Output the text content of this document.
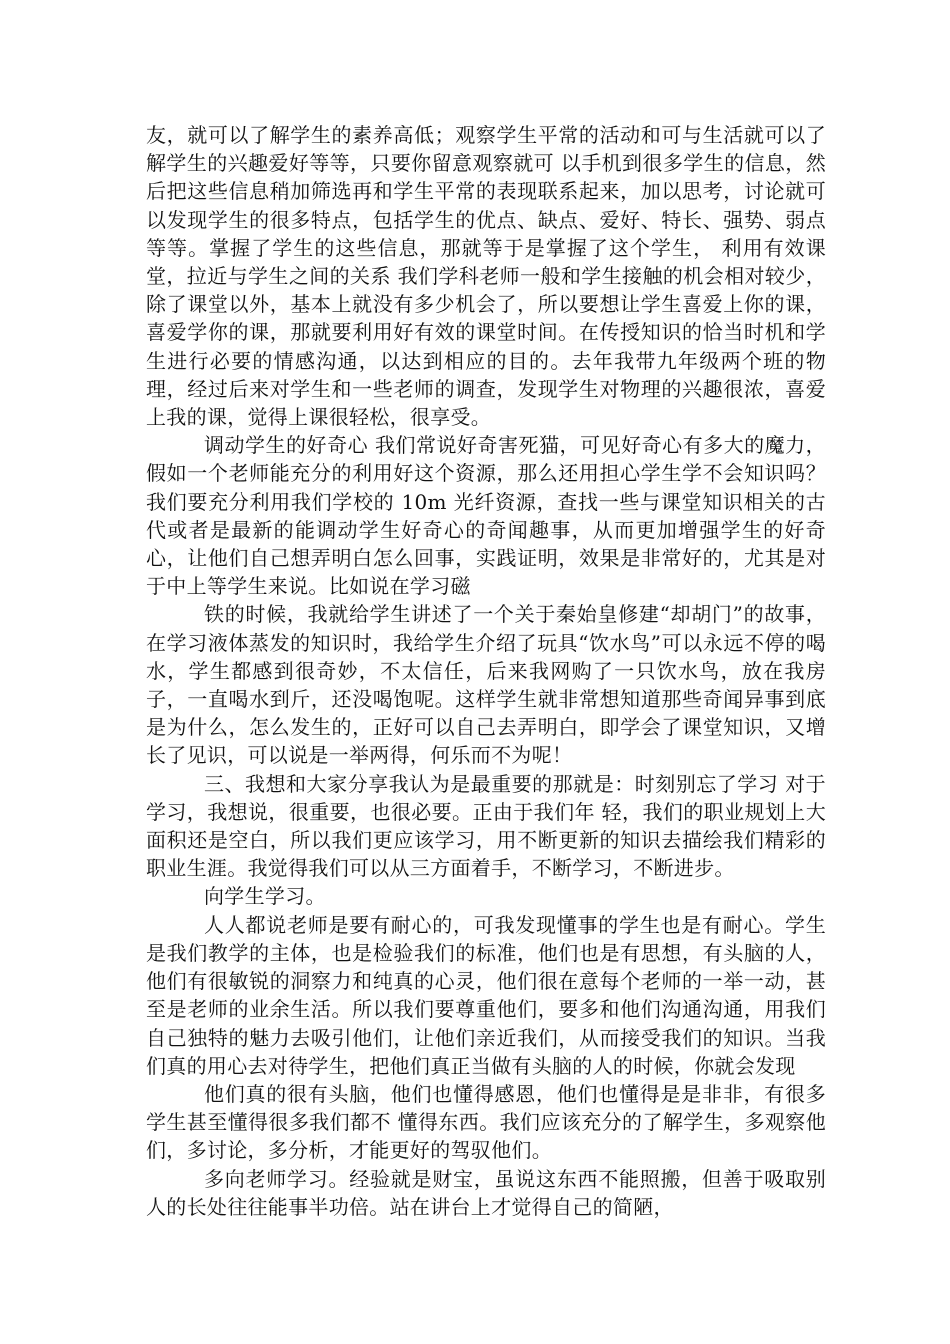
友，就可以了解学生的素养高低；观察学生平常的活动和可与生活就可以了解学生的兴趣爱好等等，只要你留意观察就可 以手机到很多学生的信息，然后把这些信息稍加筛选再和学生平常的表现联系起来，加以思考，讨论就可以发现学生的很多特点，包括学生的优点、缺点、爱好、特长、强势、弱点等等。掌握了学生的这些信息，那就等于是掌握了这个学生， 利用有效课堂，拉近与学生之间的关系 我们学科老师一般和学生接触的机会相对较少，除了课堂以外，基本上就没有多少机会了，所以要想让学生喜爱上你的课，喜爱学你的课，那就要利用好有效的课堂时间。在传授知识的恰当时机和学生进行必要的情感沟通，以达到相应的目的。去年我带九年级两个班的物理，经过后来对学生和一些老师的调查，发现学生对物理的兴趣很浓，喜爱上我的课，觉得上课很轻松，很享受。

调动学生的好奇心 我们常说好奇害死猫，可见好奇心有多大的魔力，假如一个老师能充分的利用好这个资源，那么还用担心学生学不会知识吗？我们要充分利用我们学校的 10m 光纤资源，查找一些与课堂知识相关的古代或者是最新的能调动学生好奇心的奇闻趣事，从而更加增强学生的好奇心，让他们自己想弄明白怎么回事，实践证明，效果是非常好的，尤其是对于中上等学生来说。比如说在学习磁

铁的时候，我就给学生讲述了一个关于秦始皇修建“却胡门”的故事，在学习液体蒸发的知识时，我给学生介绍了玩具“饮水鸟”可以永远不停的喝水，学生都感到很奇妙，不太信任，后来我网购了一只饮水鸟，放在我房子，一直喝水到斤，还没喝饱呢。这样学生就非常想知道那些奇闻异事到底是为什么，怎么发生的，正好可以自己去弄明白，即学会了课堂知识，又增长了见识，可以说是一举两得，何乐而不为呢！

三、我想和大家分享我认为是最重要的那就是：时刻别忘了学习 对于学习，我想说，很重要，也很必要。正由于我们年 轻，我们的职业规划上大面积还是空白，所以我们更应该学习，用不断更新的知识去描绘我们精彩的职业生涯。我觉得我们可以从三方面着手，不断学习，不断进步。

向学生学习。

人人都说老师是要有耐心的，可我发现懂事的学生也是有耐心。学生是我们教学的主体，也是检验我们的标准，他们也是有思想，有头脑的人，他们有很敏锐的洞察力和纯真的心灵，他们很在意每个老师的一举一动，甚至是老师的业余生活。所以我们要尊重他们，要多和他们沟通沟通，用我们自己独特的魅力去吸引他们，让他们亲近我们，从而接受我们的知识。当我们真的用心去对待学生，把他们真正当做有头脑的人的时候，你就会发现

他们真的很有头脑，他们也懂得感恩，他们也懂得是是非非，有很多学生甚至懂得很多我们都不 懂得东西。我们应该充分的了解学生，多观察他们，多讨论，多分析，才能更好的驾驭他们。

多向老师学习。经验就是财宝，虽说这东西不能照搬，但善于吸取别人的长处往往能事半功倍。站在讲台上才觉得自己的简陋，
